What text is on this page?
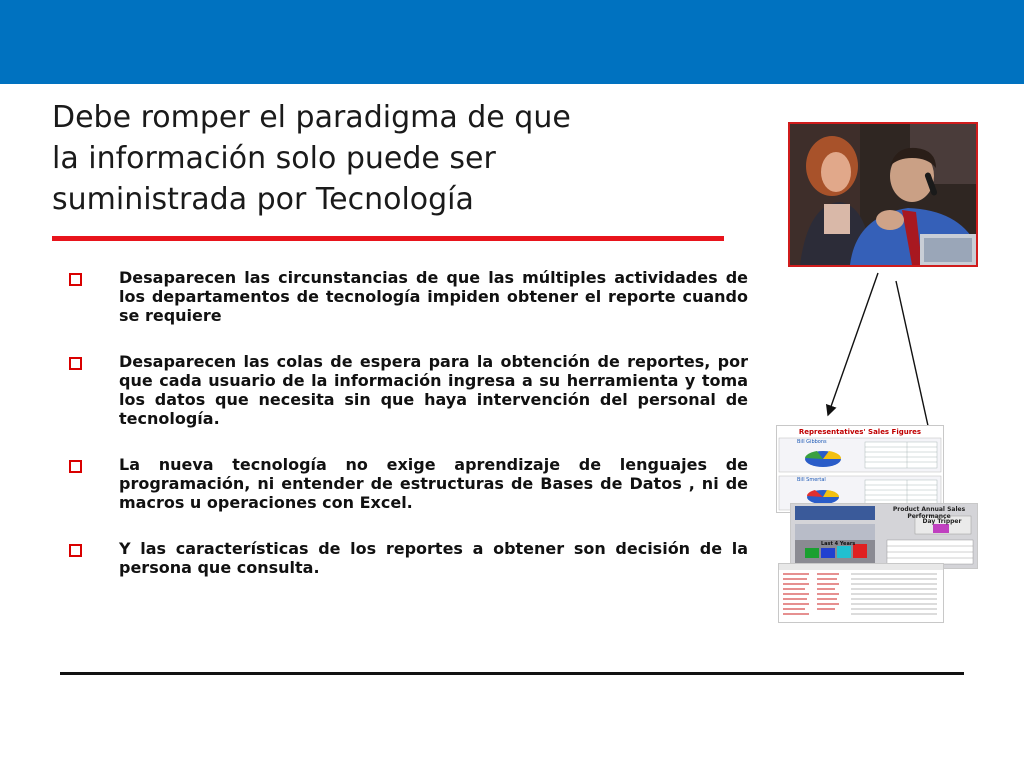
Debe romper el paradigma de que
la información solo puede ser
suministrada por Tecnología
Desaparecen las circunstancias de que las múltiples actividades de los departamentos de tecnología impiden obtener el reporte cuando se requiere
Desaparecen las colas de espera para la obtención de reportes, por que cada usuario de la información ingresa a su herramienta y toma los datos que necesita sin que haya intervención del personal de tecnología.
La nueva tecnología no exige aprendizaje de lenguajes de programación, ni entender de estructuras de Bases de Datos , ni de macros u operaciones con Excel.
Y las características de los reportes a obtener son decisión de la persona que consulta.
Representatives' Sales Figures
Bill Gibbons
Bill Smertal
Product Annual Sales Performance
Day Tripper
Last 4 Years
